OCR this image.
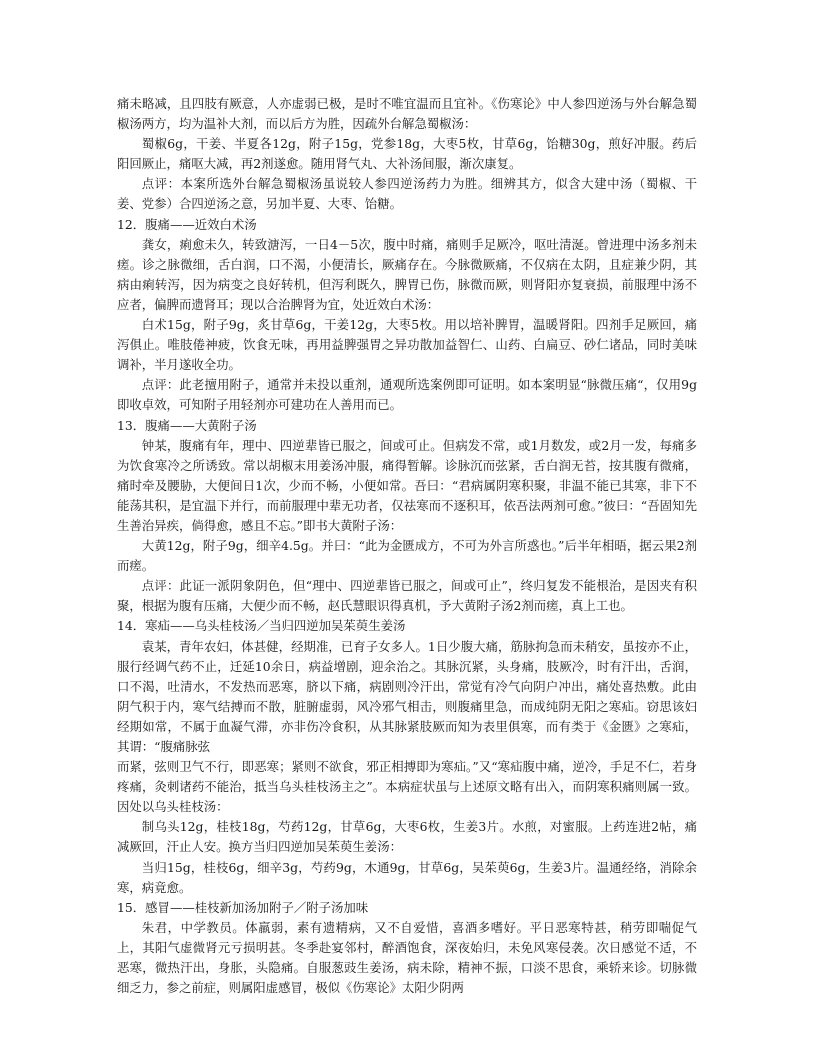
痛未略减，且四肢有厥意，人亦虚弱已极，是时不唯宜温而且宜补。《伤寒论》中人参四逆汤与外台解急蜀椒汤两方，均为温补大剂，而以后方为胜，因疏外台解急蜀椒汤：

蜀椒6g，干姜、半夏各12g，附子15g，党参18g，大枣5枚，甘草6g，饴糖30g，煎好冲服。药后阳回厥止，痛呕大减，再2剂遂愈。随用肾气丸、大补汤间服，渐次康复。

点评：本案所选外台解急蜀椒汤虽说较人参四逆汤药力为胜。细辨其方，似含大建中汤（蜀椒、干姜、党参）合四逆汤之意，另加半夏、大枣、饴糖。

12．腹痛——近效白术汤

龚女，痢愈未久，转致溏泻，一日4－5次，腹中时痛，痛则手足厥冷，呕吐清涎。曾进理中汤多剂未瘥。诊之脉微细，舌白润，口不渴，小便清长，厥痛存在。今脉微厥痛，不仅病在太阴，且症兼少阴，其病由痢转泻，因为病变之良好转机，但泻利既久，脾胃已伤，脉微而厥，则肾阳亦复衰损，前服理中汤不应者，偏脾而遗肾耳；现以合治脾肾为宜，处近效白术汤：

白术15g，附子9g，炙甘草6g，干姜12g，大枣5枚。用以培补脾胃，温暖肾阳。四剂手足厥回，痛泻俱止。唯肢倦神疲，饮食无味，再用益脾强胃之异功散加益智仁、山药、白扁豆、砂仁诸品，同时美味调补，半月遂收全功。

点评：此老擅用附子，通常并未投以重剂，通观所选案例即可证明。如本案明显“脉微压痛“，仅用9g即收卓效，可知附子用轻剂亦可建功在人善用而已。

13．腹痛——大黄附子汤

钟某，腹痛有年，理中、四逆辈皆已服之，间或可止。但病发不常，或1月数发，或2月一发，每痛多为饮食寒冷之所诱致。常以胡椒末用姜汤冲服，痛得暂解。诊脉沉而弦紧，舌白润无苔，按其腹有微痛，痛时牵及腰胁，大便间日1次，少而不畅，小便如常。吾曰：“君病属阴寒积聚，非温不能已其寒，非下不能荡其积，是宜温下并行，而前服理中辈无功者，仅祛寒而不逐积耳，依吾法两剂可愈。”彼曰：“吾固知先生善治异疾，倘得愈，感且不忘。”即书大黄附子汤：

大黄12g，附子9g，细辛4.5g。并曰：“此为金匮成方，不可为外言所惑也。”后半年相晤，据云果2剂而瘥。

点评：此证一派阴象阴色，但“理中、四逆辈皆已服之，间或可止”，终归复发不能根治，是因夹有积聚，根据为腹有压痛，大便少而不畅，赵氏慧眼识得真机，予大黄附子汤2剂而瘥，真上工也。

14．寒疝——乌头桂枝汤／当归四逆加吴茱萸生姜汤

袁某，青年农妇，体甚健，经期准，已育子女多人。1日少腹大痛，筋脉拘急而未稍安，虽按亦不止，服行经调气药不止，迁延10余日，病益增剧，迎余治之。其脉沉紧，头身痛，肢厥冷，时有汗出，舌润，口不渴，吐清水，不发热而恶寒，脐以下痛，病剧则冷汗出，常觉有冷气向阴户冲出，痛处喜热敷。此由阴气积于内，寒气结搏而不散，脏腑虚弱，风冷邪气相击，则腹痛里急，而成纯阴无阳之寒疝。窃思该妇经期如常，不属于血凝气滞，亦非伤冷食积，从其脉紧肢厥而知为表里俱寒，而有类于《金匮》之寒疝，其谓：“腹痛脉弦

而紧，弦则卫气不行，即恶寒；紧则不欲食，邪正相搏即为寒疝。”又“寒疝腹中痛，逆冷，手足不仁，若身疼痛，灸刺诸药不能治，抵当乌头桂枝汤主之”。本病症状虽与上述原文略有出入，而阴寒积痛则属一致。因处以乌头桂枝汤：

制乌头12g，桂枝18g，芍药12g，甘草6g，大枣6枚，生姜3片。水煎，对蜜服。上药连进2帖，痛减厥回，汗止人安。换方当归四逆加吴茱萸生姜汤：

当归15g，桂枝6g，细辛3g，芍药9g，木通9g，甘草6g，吴茱萸6g，生姜3片。温通经络，消除余寒，病竟愈。

15．感冒——桂枝新加汤加附子／附子汤加味

朱君，中学教员。体羸弱，素有遗精病，又不自爱惜，喜酒多嗜好。平日恶寒特甚，稍劳即喘促气上，其阳气虚微肾元亏损明甚。冬季赴宴邻村，醉酒饱食，深夜始归，未免风寒侵袭。次日感觉不适，不恶寒，微热汗出，身胀，头隐痛。自服葱豉生姜汤，病未除，精神不振，口淡不思食，乘轿来诊。切脉微细乏力，参之前症，则属阳虚感冒，极似《伤寒论》太阳少阴两
